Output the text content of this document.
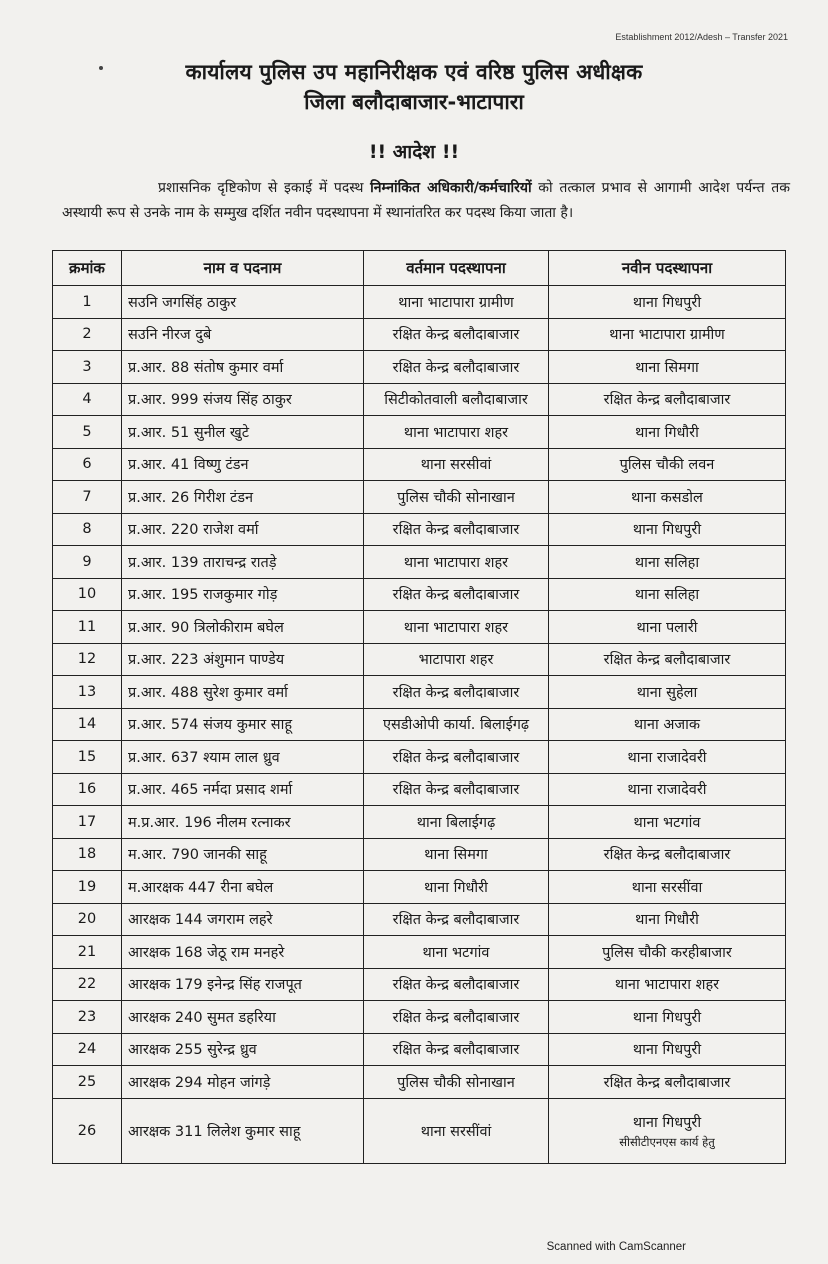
Establishment 2012/Adesh – Transfer 2021
कार्यालय पुलिस उप महानिरीक्षक एवं वरिष्ठ पुलिस अधीक्षक
जिला बलौदाबाजार-भाटापारा
!! आदेश !!
प्रशासनिक दृष्टिकोण से इकाई में पदस्थ निम्नांकित अधिकारी/कर्मचारियों को तत्काल प्रभाव से आगामी आदेश पर्यन्त तक अस्थायी रूप से उनके नाम के सम्मुख दर्शित नवीन पदस्थापना में स्थानांतरित कर पदस्थ किया जाता है।
क्रमांक	नाम व पदनाम	वर्तमान पदस्थापना	नवीन पदस्थापना
1	सउनि जगसिंह ठाकुर	थाना भाटापारा ग्रामीण	थाना गिधपुरी
2	सउनि नीरज दुबे	रक्षित केन्द्र बलौदाबाजार	थाना भाटापारा ग्रामीण
3	प्र.आर. 88 संतोष कुमार वर्मा	रक्षित केन्द्र बलौदाबाजार	थाना सिमगा
4	प्र.आर. 999 संजय सिंह ठाकुर	सिटीकोतवाली बलौदाबाजार	रक्षित केन्द्र बलौदाबाजार
5	प्र.आर. 51 सुनील खुटे	थाना भाटापारा शहर	थाना गिधौरी
6	प्र.आर. 41 विष्णु टंडन	थाना सरसीवां	पुलिस चौकी लवन
7	प्र.आर. 26 गिरीश टंडन	पुलिस चौकी सोनाखान	थाना कसडोल
8	प्र.आर. 220 राजेश वर्मा	रक्षित केन्द्र बलौदाबाजार	थाना गिधपुरी
9	प्र.आर. 139 ताराचन्द्र रातड़े	थाना भाटापारा शहर	थाना सलिहा
10	प्र.आर. 195 राजकुमार गोड़	रक्षित केन्द्र बलौदाबाजार	थाना सलिहा
11	प्र.आर. 90 त्रिलोकीराम बघेल	थाना भाटापारा शहर	थाना पलारी
12	प्र.आर. 223 अंशुमान पाण्डेय	भाटापारा शहर	रक्षित केन्द्र बलौदाबाजार
13	प्र.आर. 488 सुरेश कुमार वर्मा	रक्षित केन्द्र बलौदाबाजार	थाना सुहेला
14	प्र.आर. 574 संजय कुमार साहू	एसडीओपी कार्या. बिलाईगढ़	थाना अजाक
15	प्र.आर. 637 श्याम लाल ध्रुव	रक्षित केन्द्र बलौदाबाजार	थाना राजादेवरी
16	प्र.आर. 465 नर्मदा प्रसाद शर्मा	रक्षित केन्द्र बलौदाबाजार	थाना राजादेवरी
17	म.प्र.आर. 196 नीलम रत्नाकर	थाना बिलाईगढ़	थाना भटगांव
18	म.आर. 790 जानकी साहू	थाना सिमगा	रक्षित केन्द्र बलौदाबाजार
19	म.आरक्षक 447 रीना बघेल	थाना गिधौरी	थाना सरसींवा
20	आरक्षक 144 जगराम लहरे	रक्षित केन्द्र बलौदाबाजार	थाना गिधौरी
21	आरक्षक 168 जेठू राम मनहरे	थाना भटगांव	पुलिस चौकी करहीबाजार
22	आरक्षक 179 इनेन्द्र सिंह राजपूत	रक्षित केन्द्र बलौदाबाजार	थाना भाटापारा शहर
23	आरक्षक 240 सुमत डहरिया	रक्षित केन्द्र बलौदाबाजार	थाना गिधपुरी
24	आरक्षक 255 सुरेन्द्र ध्रुव	रक्षित केन्द्र बलौदाबाजार	थाना गिधपुरी
25	आरक्षक 294 मोहन जांगड़े	पुलिस चौकी सोनाखान	रक्षित केन्द्र बलौदाबाजार
26	आरक्षक 311 लिलेश कुमार साहू	थाना सरसींवां	थाना गिधपुरी
सीसीटीएनएस कार्य हेतु
Scanned with CamScanner
